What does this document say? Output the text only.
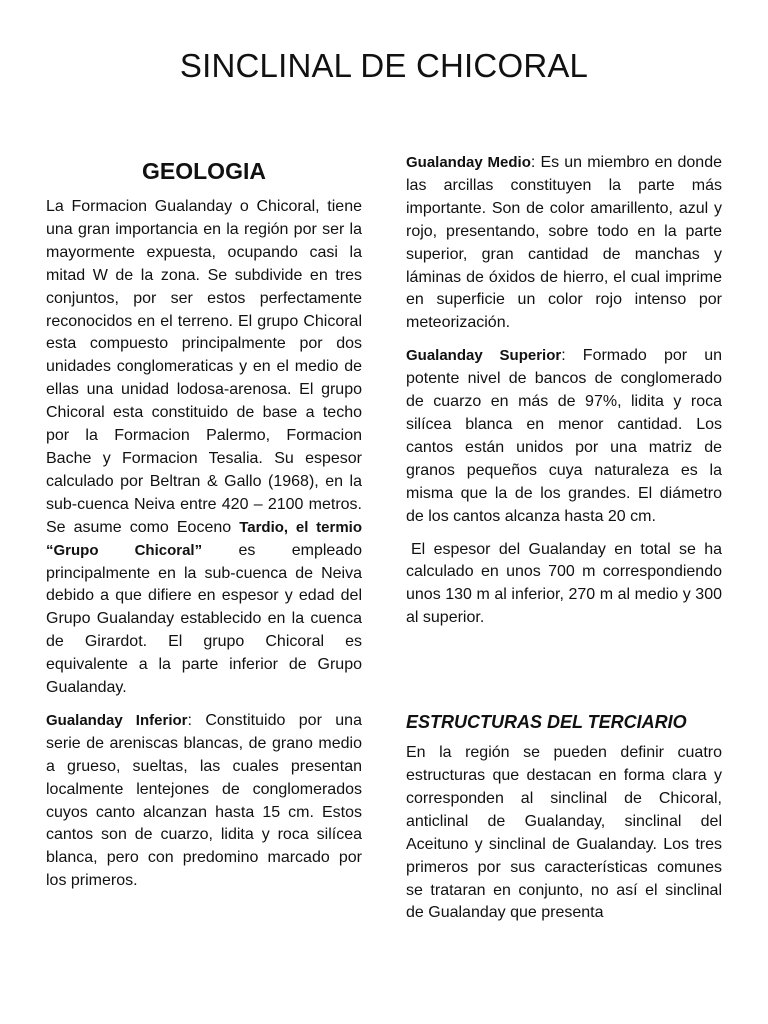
SINCLINAL DE CHICORAL
GEOLOGIA

La Formacion Gualanday o Chicoral, tiene una gran importancia en la región por ser la mayormente expuesta, ocupando casi la mitad W de la zona. Se subdivide en tres conjuntos, por ser estos perfectamente reconocidos en el terreno. El grupo Chicoral esta compuesto principalmente por dos unidades conglomeraticas y en el medio de ellas una unidad lodosa-arenosa. El grupo Chicoral esta constituido de base a techo por la Formacion Palermo, Formacion Bache y Formacion Tesalia. Su espesor calculado por Beltran & Gallo (1968), en la sub-cuenca Neiva entre 420 – 2100 metros. Se asume como Eoceno Tardio, el termio “Grupo Chicoral” es empleado principalmente en la sub-cuenca de Neiva debido a que difiere en espesor y edad del Grupo Gualanday establecido en la cuenca de Girardot. El grupo Chicoral es equivalente a la parte inferior de Grupo Gualanday.

Gualanday Inferior: Constituido por una serie de areniscas blancas, de grano medio a grueso, sueltas, las cuales presentan localmente lentejones de conglomerados cuyos canto alcanzan hasta 15 cm. Estos cantos son de cuarzo, lidita y roca silícea blanca, pero con predomino marcado por los primeros.

Gualanday Medio: Es un miembro en donde las arcillas constituyen la parte más importante. Son de color amarillento, azul y rojo, presentando, sobre todo en la parte superior, gran cantidad de manchas y láminas de óxidos de hierro, el cual imprime en superficie un color rojo intenso por meteorización.

Gualanday Superior: Formado por un potente nivel de bancos de conglomerado de cuarzo en más de 97%, lidita y roca silícea blanca en menor cantidad. Los cantos están unidos por una matriz de granos pequeños cuya naturaleza es la misma que la de los grandes. El diámetro de los cantos alcanza hasta 20 cm.

El espesor del Gualanday en total se ha calculado en unos 700 m correspondiendo unos 130 m al inferior, 270 m al medio y 300 al superior.

ESTRUCTURAS DEL TERCIARIO

En la región se pueden definir cuatro estructuras que destacan en forma clara y corresponden al sinclinal de Chicoral, anticlinal de Gualanday, sinclinal del Aceituno y sinclinal de Gualanday. Los tres primeros por sus características comunes se trataran en conjunto, no así el sinclinal de Gualanday que presenta
